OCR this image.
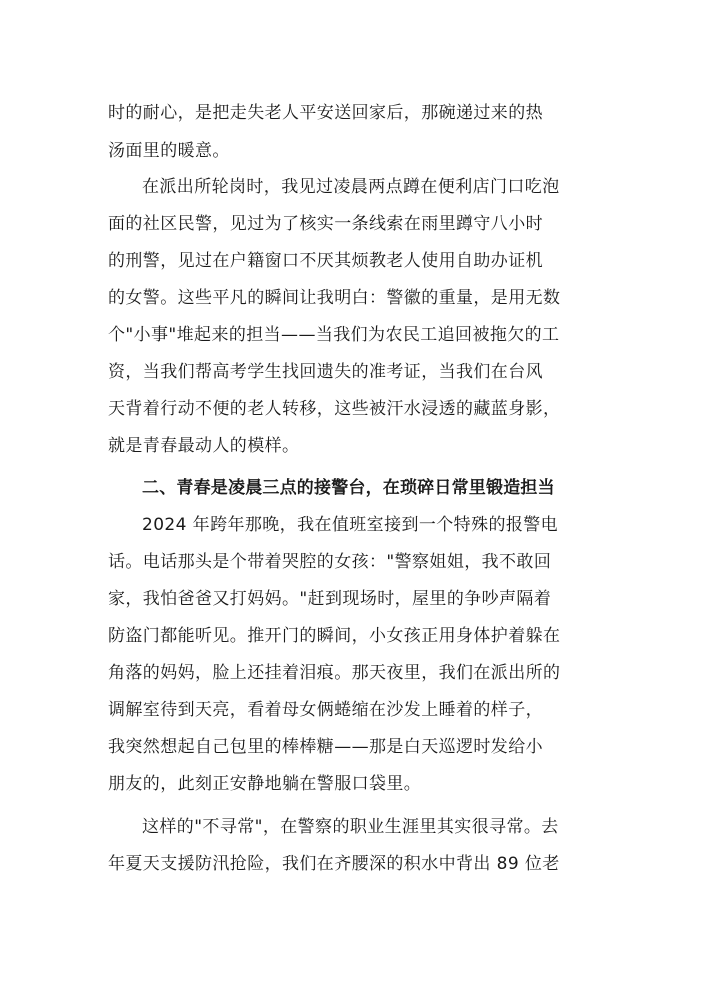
时的耐心，是把走失老人平安送回家后，那碗递过来的热
汤面里的暖意。
在派出所轮岗时，我见过凌晨两点蹲在便利店门口吃泡
面的社区民警，见过为了核实一条线索在雨里蹲守八小时
的刑警，见过在户籍窗口不厌其烦教老人使用自助办证机
的女警。这些平凡的瞬间让我明白：警徽的重量，是用无数
个"小事"堆起来的担当——当我们为农民工追回被拖欠的工
资，当我们帮高考学生找回遗失的准考证，当我们在台风
天背着行动不便的老人转移，这些被汗水浸透的藏蓝身影，
就是青春最动人的模样。
二、青春是凌晨三点的接警台，在琐碎日常里锻造担当
2024 年跨年那晚，我在值班室接到一个特殊的报警电
话。电话那头是个带着哭腔的女孩："警察姐姐，我不敢回
家，我怕爸爸又打妈妈。"赶到现场时，屋里的争吵声隔着
防盗门都能听见。推开门的瞬间，小女孩正用身体护着躲在
角落的妈妈，脸上还挂着泪痕。那天夜里，我们在派出所的
调解室待到天亮，看着母女俩蜷缩在沙发上睡着的样子，
我突然想起自己包里的棒棒糖——那是白天巡逻时发给小
朋友的，此刻正安静地躺在警服口袋里。
这样的"不寻常"，在警察的职业生涯里其实很寻常。去
年夏天支援防汛抢险，我们在齐腰深的积水中背出 89 位老
